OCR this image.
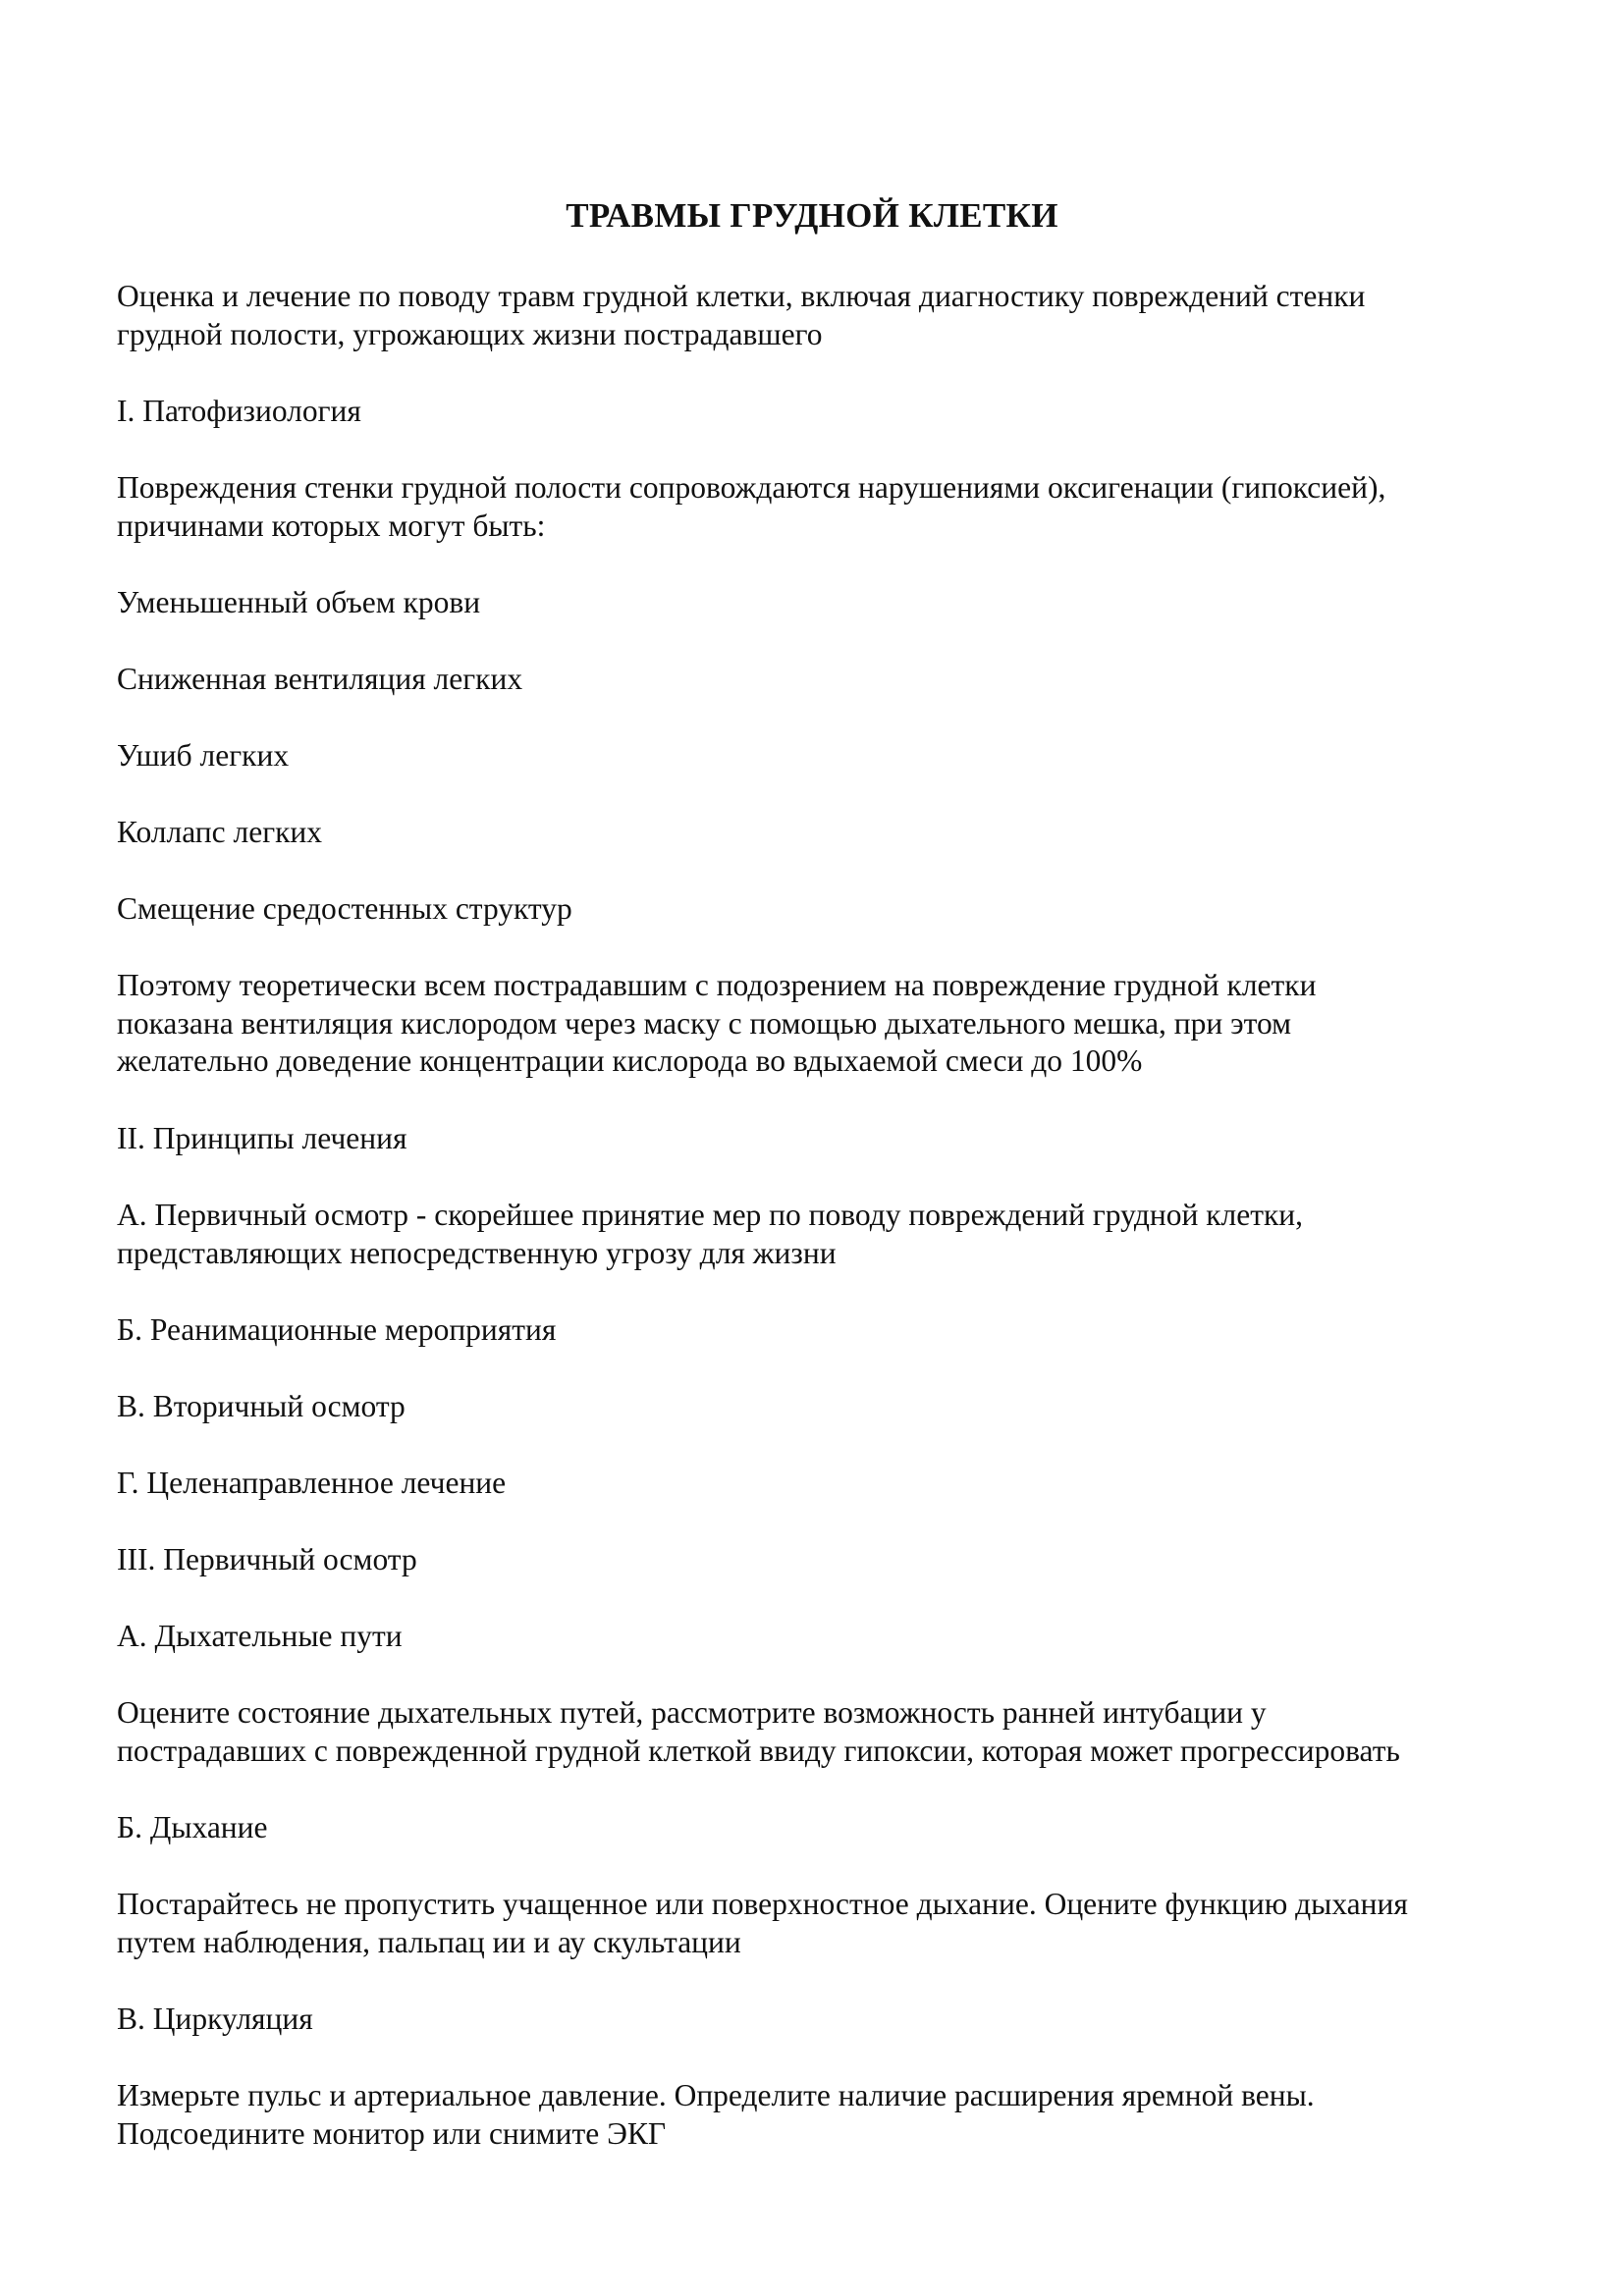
ТРАВМЫ ГРУДНОЙ КЛЕТКИ
Оценка и лечение по поводу травм грудной клетки, включая диагностику повреждений стенки
грудной полости, угрожающих жизни пострадавшего
I. Патофизиология
Повреждения стенки грудной полости сопровождаются нарушениями оксигенации (гипоксией),
причинами которых могут быть:
Уменьшенный объем крови
Сниженная вентиляция легких
Ушиб легких
Коллапс легких
Смещение средостенных структур
Поэтому теоретически всем пострадавшим с подозрением на повреждение грудной клетки
показана вентиляция кислородом через маску с помощью дыхательного мешка, при этом
желательно доведение концентрации кислорода во вдыхаемой смеси до 100%
II. Принципы лечения
А. Первичный осмотр - скорейшее принятие мер по поводу повреждений грудной клетки,
представляющих непосредственную угрозу для жизни
Б. Реанимационные мероприятия
В. Вторичный осмотр
Г. Целенаправленное лечение
III. Первичный осмотр
А. Дыхательные пути
Оцените состояние дыхательных путей, рассмотрите возможность ранней интубации у
пострадавших с поврежденной грудной клеткой ввиду гипоксии, которая может прогрессировать
Б. Дыхание
Постарайтесь не пропустить учащенное или поверхностное дыхание. Оцените функцию дыхания
путем наблюдения, пальпац ии и ау скультации
В. Циркуляция
Измерьте пульс и артериальное давление. Определите наличие расширения яремной вены.
Подсоедините монитор или снимите ЭКГ
